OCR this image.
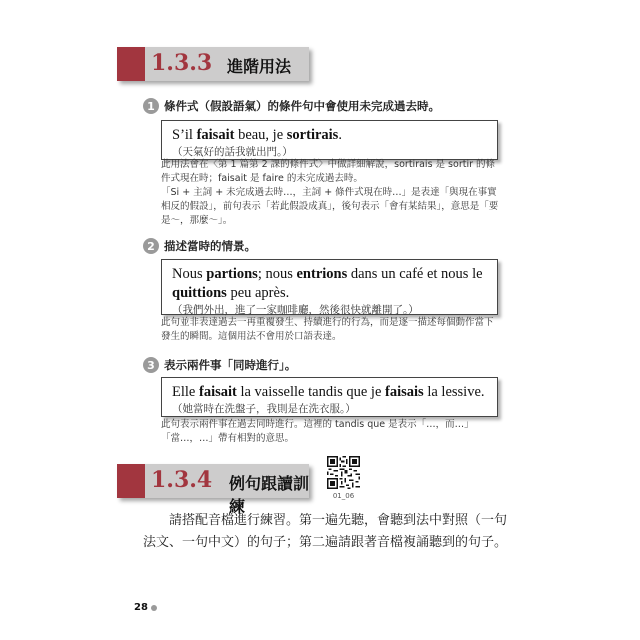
1.3.3 進階用法
1 條件式（假設語氣）的條件句中會使用未完成過去時。
S’il faisait beau, je sortirais.
（天氣好的話我就出門。）

此用法會在〈第 1 篇第 2 課的條件式〉中做詳細解說，sortirais 是 sortir 的條件式現在時；faisait 是 faire 的未完成過去時。

「Si + 主詞 + 未完成過去時…，主詞 + 條件式現在時…」是表達「與現在事實相反的假設」，前句表示「若此假設成真」，後句表示「會有某結果」，意思是「要是～，那麼～」。

2 描述當時的情景。
Nous partions; nous entrions dans un café et nous le quittions peu après.
（我們外出，進了一家咖啡廳，然後很快就離開了。）

此句並非表達過去一再重覆發生、持續進行的行為，而是逐一描述每個動作當下發生的瞬間。這個用法不會用於口語表達。

3 表示兩件事「同時進行」。
Elle faisait la vaisselle tandis que je faisais la lessive.
（她當時在洗盤子，我則是在洗衣服。）

此句表示兩件事在過去同時進行。這裡的 tandis que 是表示「…，而…」「當…，…」帶有相對的意思。

1.3.4 例句跟讀訓練
01_06

請搭配音檔進行練習。第一遍先聽，會聽到法中對照（一句法文、一句中文）的句子；第二遍請跟著音檔複誦聽到的句子。

28
